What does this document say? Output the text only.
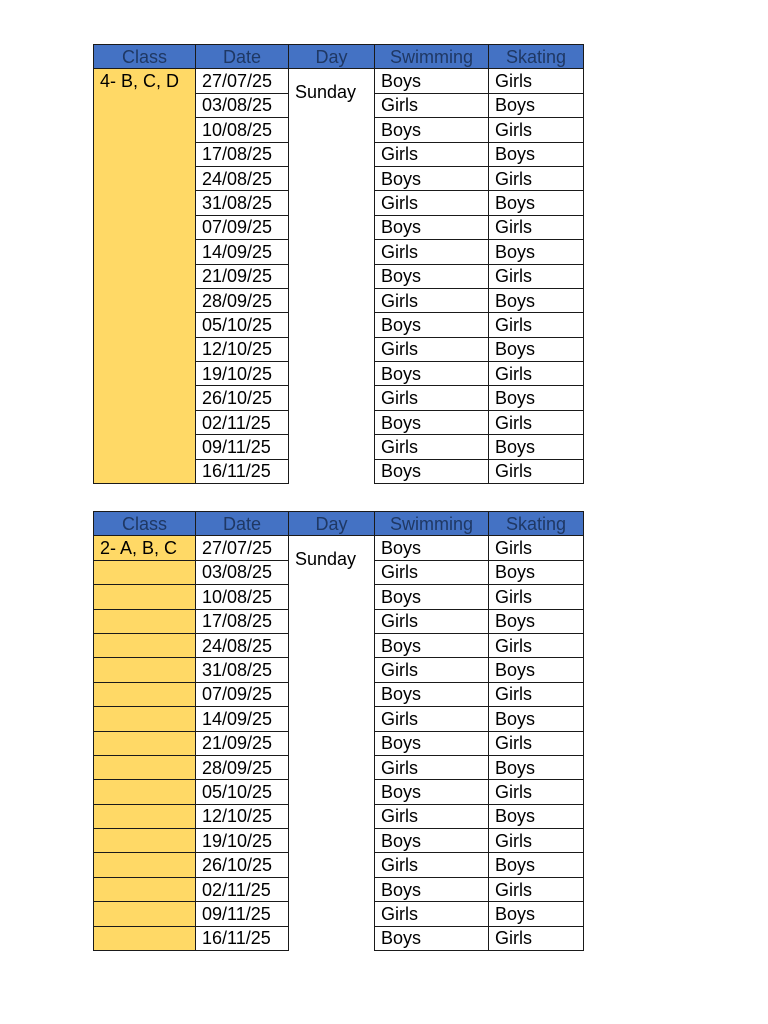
Class	Date	Day	Swimming	Skating
4- B, C, D	27/07/25	Sunday	Boys	Girls
	03/08/25		Girls	Boys
	10/08/25		Boys	Girls
	17/08/25		Girls	Boys
	24/08/25		Boys	Girls
	31/08/25		Girls	Boys
	07/09/25		Boys	Girls
	14/09/25		Girls	Boys
	21/09/25		Boys	Girls
	28/09/25		Girls	Boys
	05/10/25		Boys	Girls
	12/10/25		Girls	Boys
	19/10/25		Boys	Girls
	26/10/25		Girls	Boys
	02/11/25		Boys	Girls
	09/11/25		Girls	Boys
	16/11/25		Boys	Girls
Class	Date	Day	Swimming	Skating
2- A, B, C	27/07/25	Sunday	Boys	Girls
	03/08/25		Girls	Boys
	10/08/25		Boys	Girls
	17/08/25		Girls	Boys
	24/08/25		Boys	Girls
	31/08/25		Girls	Boys
	07/09/25		Boys	Girls
	14/09/25		Girls	Boys
	21/09/25		Boys	Girls
	28/09/25		Girls	Boys
	05/10/25		Boys	Girls
	12/10/25		Girls	Boys
	19/10/25		Boys	Girls
	26/10/25		Girls	Boys
	02/11/25		Boys	Girls
	09/11/25		Girls	Boys
	16/11/25		Boys	Girls
